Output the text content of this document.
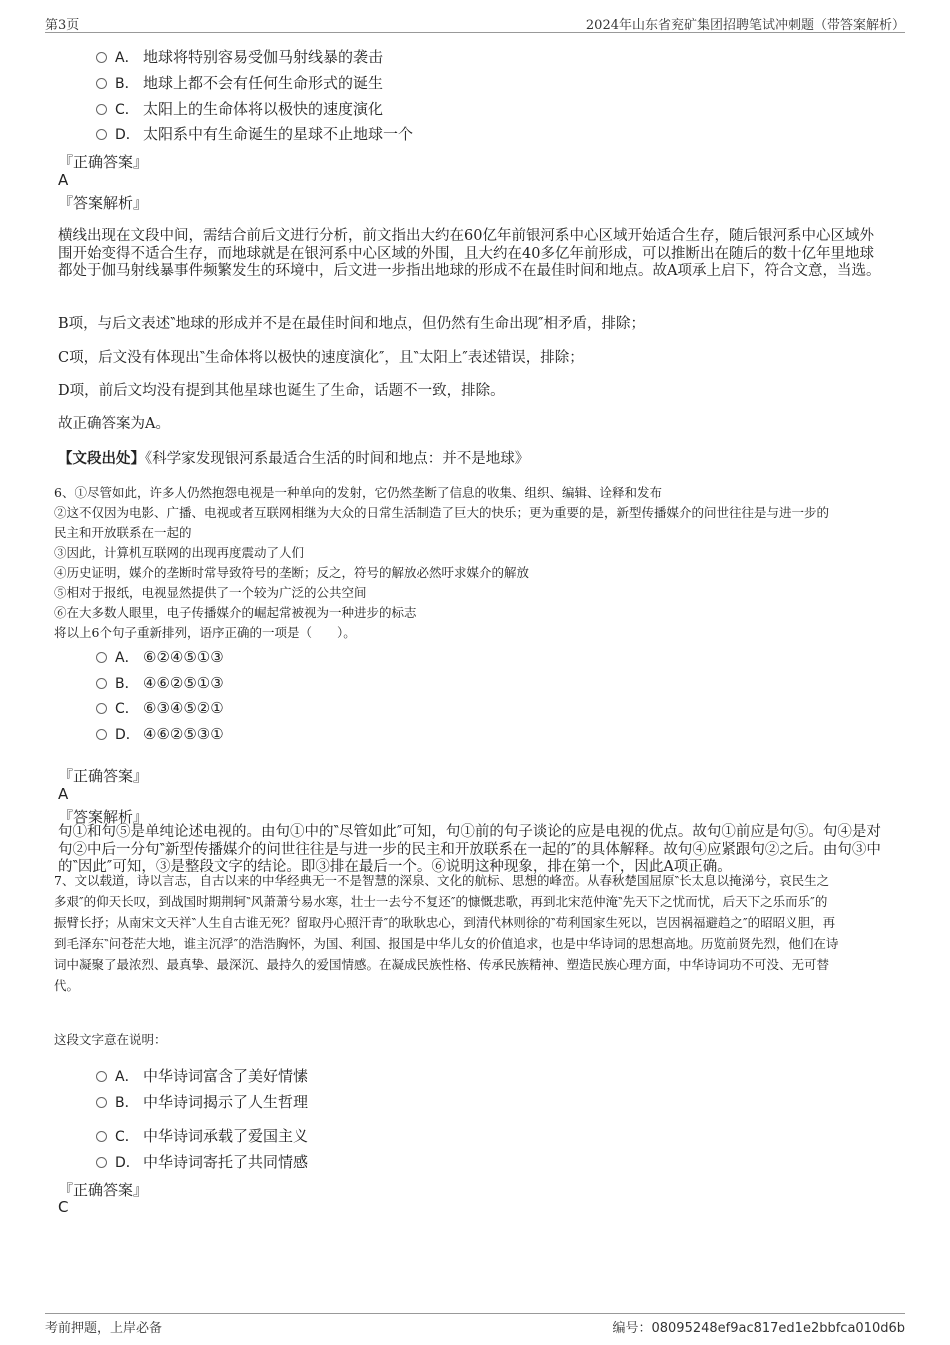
第3页	2024年山东省兖矿集团招聘笔试冲刺题（带答案解析）
A． 地球将特别容易受伽马射线暴的袭击
B． 地球上都不会有任何生命形式的诞生
C． 太阳上的生命体将以极快的速度演化
D． 太阳系中有生命诞生的星球不止地球一个
『正确答案』
A
『答案解析』
横线出现在文段中间，需结合前后文进行分析，前文指出大约在60亿年前银河系中心区域开始适合生存，随后银河系中心区域外围开始变得不适合生存，而地球就是在银河系中心区域的外围，且大约在40多亿年前形成，可以推断出在随后的数十亿年里地球都处于伽马射线暴事件频繁发生的环境中，后文进一步指出地球的形成不在最佳时间和地点。故A项承上启下，符合文意，当选。
B项，与后文表述‶地球的形成并不是在最佳时间和地点，但仍然有生命出现″相矛盾，排除；
C项，后文没有体现出‶生命体将以极快的速度演化″，且‶太阳上″表述错误，排除；
D项，前后文均没有提到其他星球也诞生了生命，话题不一致，排除。
故正确答案为A。
【文段出处】《科学家发现银河系最适合生活的时间和地点：并不是地球》
6、①尽管如此，许多人仍然抱怨电视是一种单向的发射，它仍然垄断了信息的收集、组织、编辑、诠释和发布
②这不仅因为电影、广播、电视或者互联网相继为大众的日常生活制造了巨大的快乐；更为重要的是，新型传播媒介的问世往往是与进一步的
民主和开放联系在一起的
③因此，计算机互联网的出现再度震动了人们
④历史证明，媒介的垄断时常导致符号的垄断；反之，符号的解放必然吁求媒介的解放
⑤相对于报纸，电视显然提供了一个较为广泛的公共空间
⑥在大多数人眼里，电子传播媒介的崛起常被视为一种进步的标志
将以上6个句子重新排列，语序正确的一项是（　　）。
A． ⑥②④⑤①③
B． ④⑥②⑤①③
C． ⑥③④⑤②①
D． ④⑥②⑤③①
『正确答案』
A
『答案解析』
句①和句⑤是单纯论述电视的。由句①中的‶尽管如此″可知，句①前的句子谈论的应是电视的优点。故句①前应是句⑤。句④是对句②中后一分句‶新型传播媒介的问世往往是与进一步的民主和开放联系在一起的″的具体解释。故句④应紧跟句②之后。由句③中的‶因此″可知，③是整段文字的结论。即③排在最后一个。⑥说明这种现象，排在第一个，因此A项正确。
7、文以载道，诗以言志，自古以来的中华经典无一不是智慧的深泉、文化的航标、思想的峰峦。从春秋楚国屈原‶长太息以掩涕兮，哀民生之
多艰″的仰天长叹，到战国时期荆轲‶风萧萧兮易水寒，壮士一去兮不复还″的慷慨悲歌，再到北宋范仲淹‶先天下之忧而忧，后天下之乐而乐″的
振臂长抒；从南宋文天祥‶人生自古谁无死？留取丹心照汗青″的耿耿忠心，到清代林则徐的‶苟利国家生死以，岂因祸福避趋之″的昭昭义胆，再
到毛泽东‶问苍茫大地，谁主沉浮″的浩浩胸怀，为国、利国、报国是中华儿女的价值追求，也是中华诗词的思想高地。历览前贤先烈，他们在诗
词中凝聚了最浓烈、最真挚、最深沉、最持久的爱国情感。在凝成民族性格、传承民族精神、塑造民族心理方面，中华诗词功不可没、无可替
代。
这段文字意在说明：
A． 中华诗词富含了美好情愫
B． 中华诗词揭示了人生哲理
C． 中华诗词承载了爱国主义
D． 中华诗词寄托了共同情感
『正确答案』
C
考前押题，上岸必备	编号：08095248ef9ac817ed1e2bbfca010d6b
